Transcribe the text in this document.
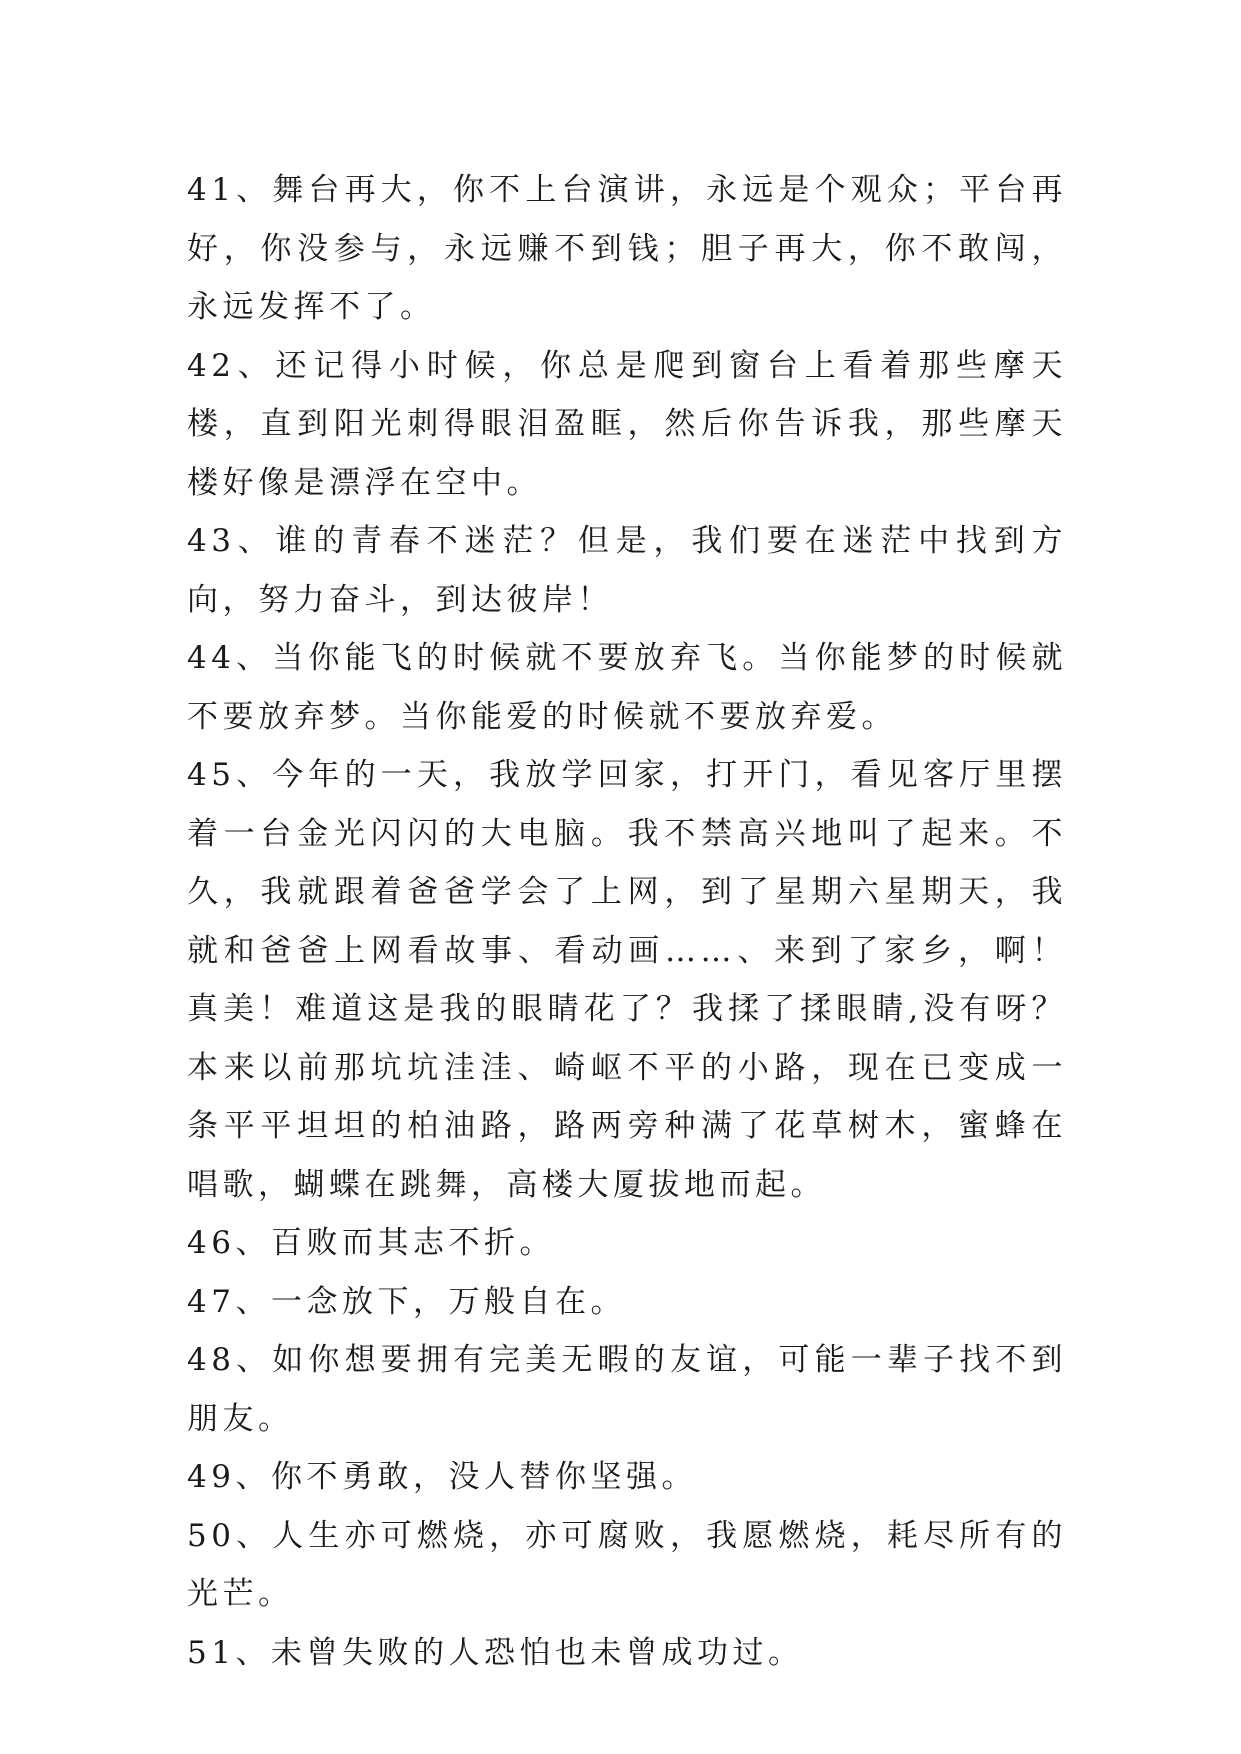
41、舞台再大，你不上台演讲，永远是个观众；平台再好，你没参与，永远赚不到钱；胆子再大，你不敢闯，永远发挥不了。

42、还记得小时候，你总是爬到窗台上看着那些摩天楼，直到阳光刺得眼泪盈眶，然后你告诉我，那些摩天楼好像是漂浮在空中。

43、谁的青春不迷茫？但是，我们要在迷茫中找到方向，努力奋斗，到达彼岸！

44、当你能飞的时候就不要放弃飞。当你能梦的时候就不要放弃梦。当你能爱的时候就不要放弃爱。

45、今年的一天，我放学回家，打开门，看见客厅里摆着一台金光闪闪的大电脑。我不禁高兴地叫了起来。不久，我就跟着爸爸学会了上网，到了星期六星期天，我就和爸爸上网看故事、看动画……、来到了家乡，啊！真美！难道这是我的眼睛花了？我揉了揉眼睛,没有呀？本来以前那坑坑洼洼、崎岖不平的小路，现在已变成一条平平坦坦的柏油路，路两旁种满了花草树木，蜜蜂在唱歌，蝴蝶在跳舞，高楼大厦拔地而起。

46、百败而其志不折。

47、一念放下，万般自在。

48、如你想要拥有完美无暇的友谊，可能一辈子找不到朋友。

49、你不勇敢，没人替你坚强。

50、人生亦可燃烧，亦可腐败，我愿燃烧，耗尽所有的光芒。

51、未曾失败的人恐怕也未曾成功过。
